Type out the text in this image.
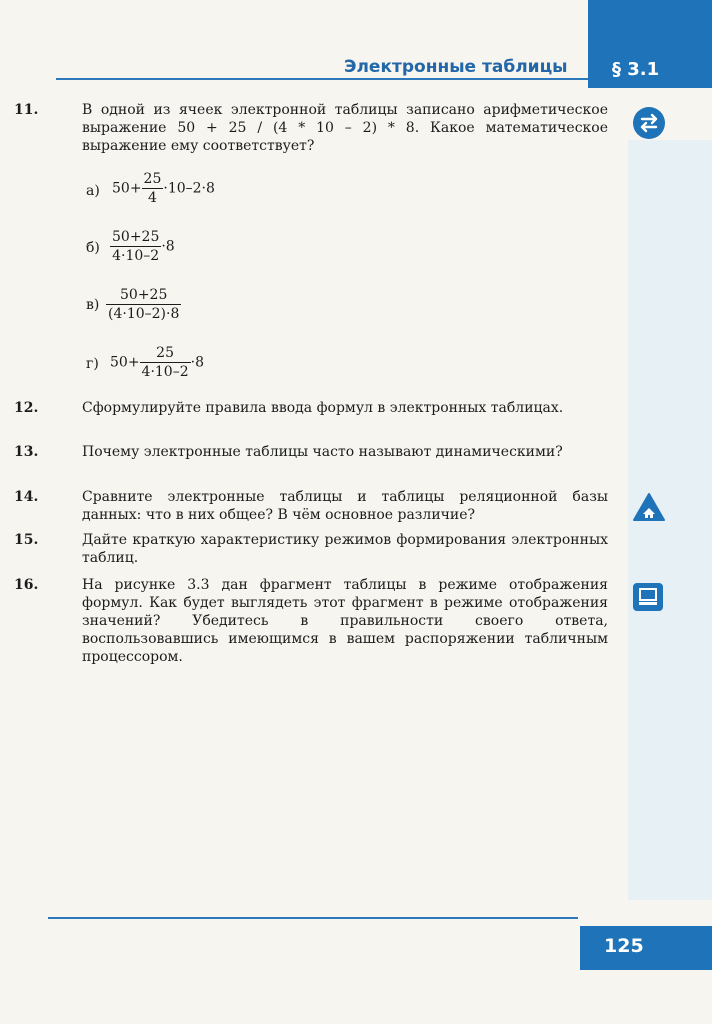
§ 3.1
Электронные таблицы
11.	В одной из ячеек электронной таблицы записано арифметическое выражение 50 + 25 / (4 * 10 – 2) * 8. Какое математическое выражение ему соответствует?
а) $50+ \frac{25}{4} \cdot 10-2\cdot 8$
$б) \frac{50+25}{4\cdot 10-2} \cdot 8$
$в) \frac{50+25}{(4\cdot 10-2)\cdot 8}$
г) $50+ \frac{25}{4\cdot 10-2} \cdot 8$
12.	Сформулируйте правила ввода формул в электронных таблицах.
13.	Почему электронные таблицы часто называют динамическими?
14.	Сравните электронные таблицы и таблицы реляционной базы данных: что в них общее? В чём основное различие?
15.	Дайте краткую характеристику режимов формирования электронных таблиц.
16.	На рисунке 3.3 дан фрагмент таблицы в режиме отображения формул. Как будет выглядеть этот фрагмент в режиме отображения значений? Убедитесь в правильности своего ответа, воспользовавшись имеющимся в вашем распоряжении табличным процессором.
125
